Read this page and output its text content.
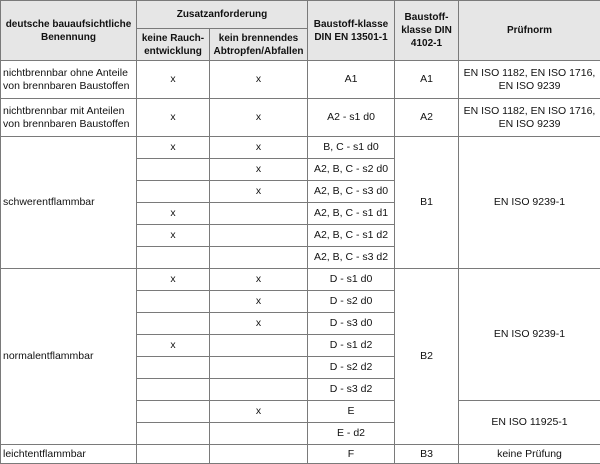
deutsche bauaufsichtliche Benennung	Zusatzanforderung		Baustoff-klasse DIN EN 13501-1	Baustoff-klasse DIN 4102-1	Prüfnorm
	keine Rauch-entwicklung	kein brennendes Abtropfen/Abfallen			
nichtbrennbar ohne Anteile von brennbaren Baustoffen	x	x	A1	A1	EN ISO 1182, EN ISO 1716, EN ISO 9239
nichtbrennbar mit Anteilen von brennbaren Baustoffen	x	x	A2 - s1 d0	A2	EN ISO 1182, EN ISO 1716, EN ISO 9239
schwerentflammbar	x	x	B, C - s1 d0	B1	EN ISO 9239-1
		x	A2, B, C - s2 d0		
		x	A2, B, C - s3 d0		
	x		A2, B, C - s1 d1		
	x		A2, B, C - s1 d2		
			A2, B, C - s3 d2		
normalentflammbar	x	x	D - s1 d0	B2	EN ISO 9239-1
		x	D - s2 d0		
		x	D - s3 d0		
	x		D - s1 d2		
			D - s2 d2		
			D - s3 d2		
		x	E		EN ISO 11925-1
			E - d2		
leichtentflammbar			F	B3	keine Prüfung
